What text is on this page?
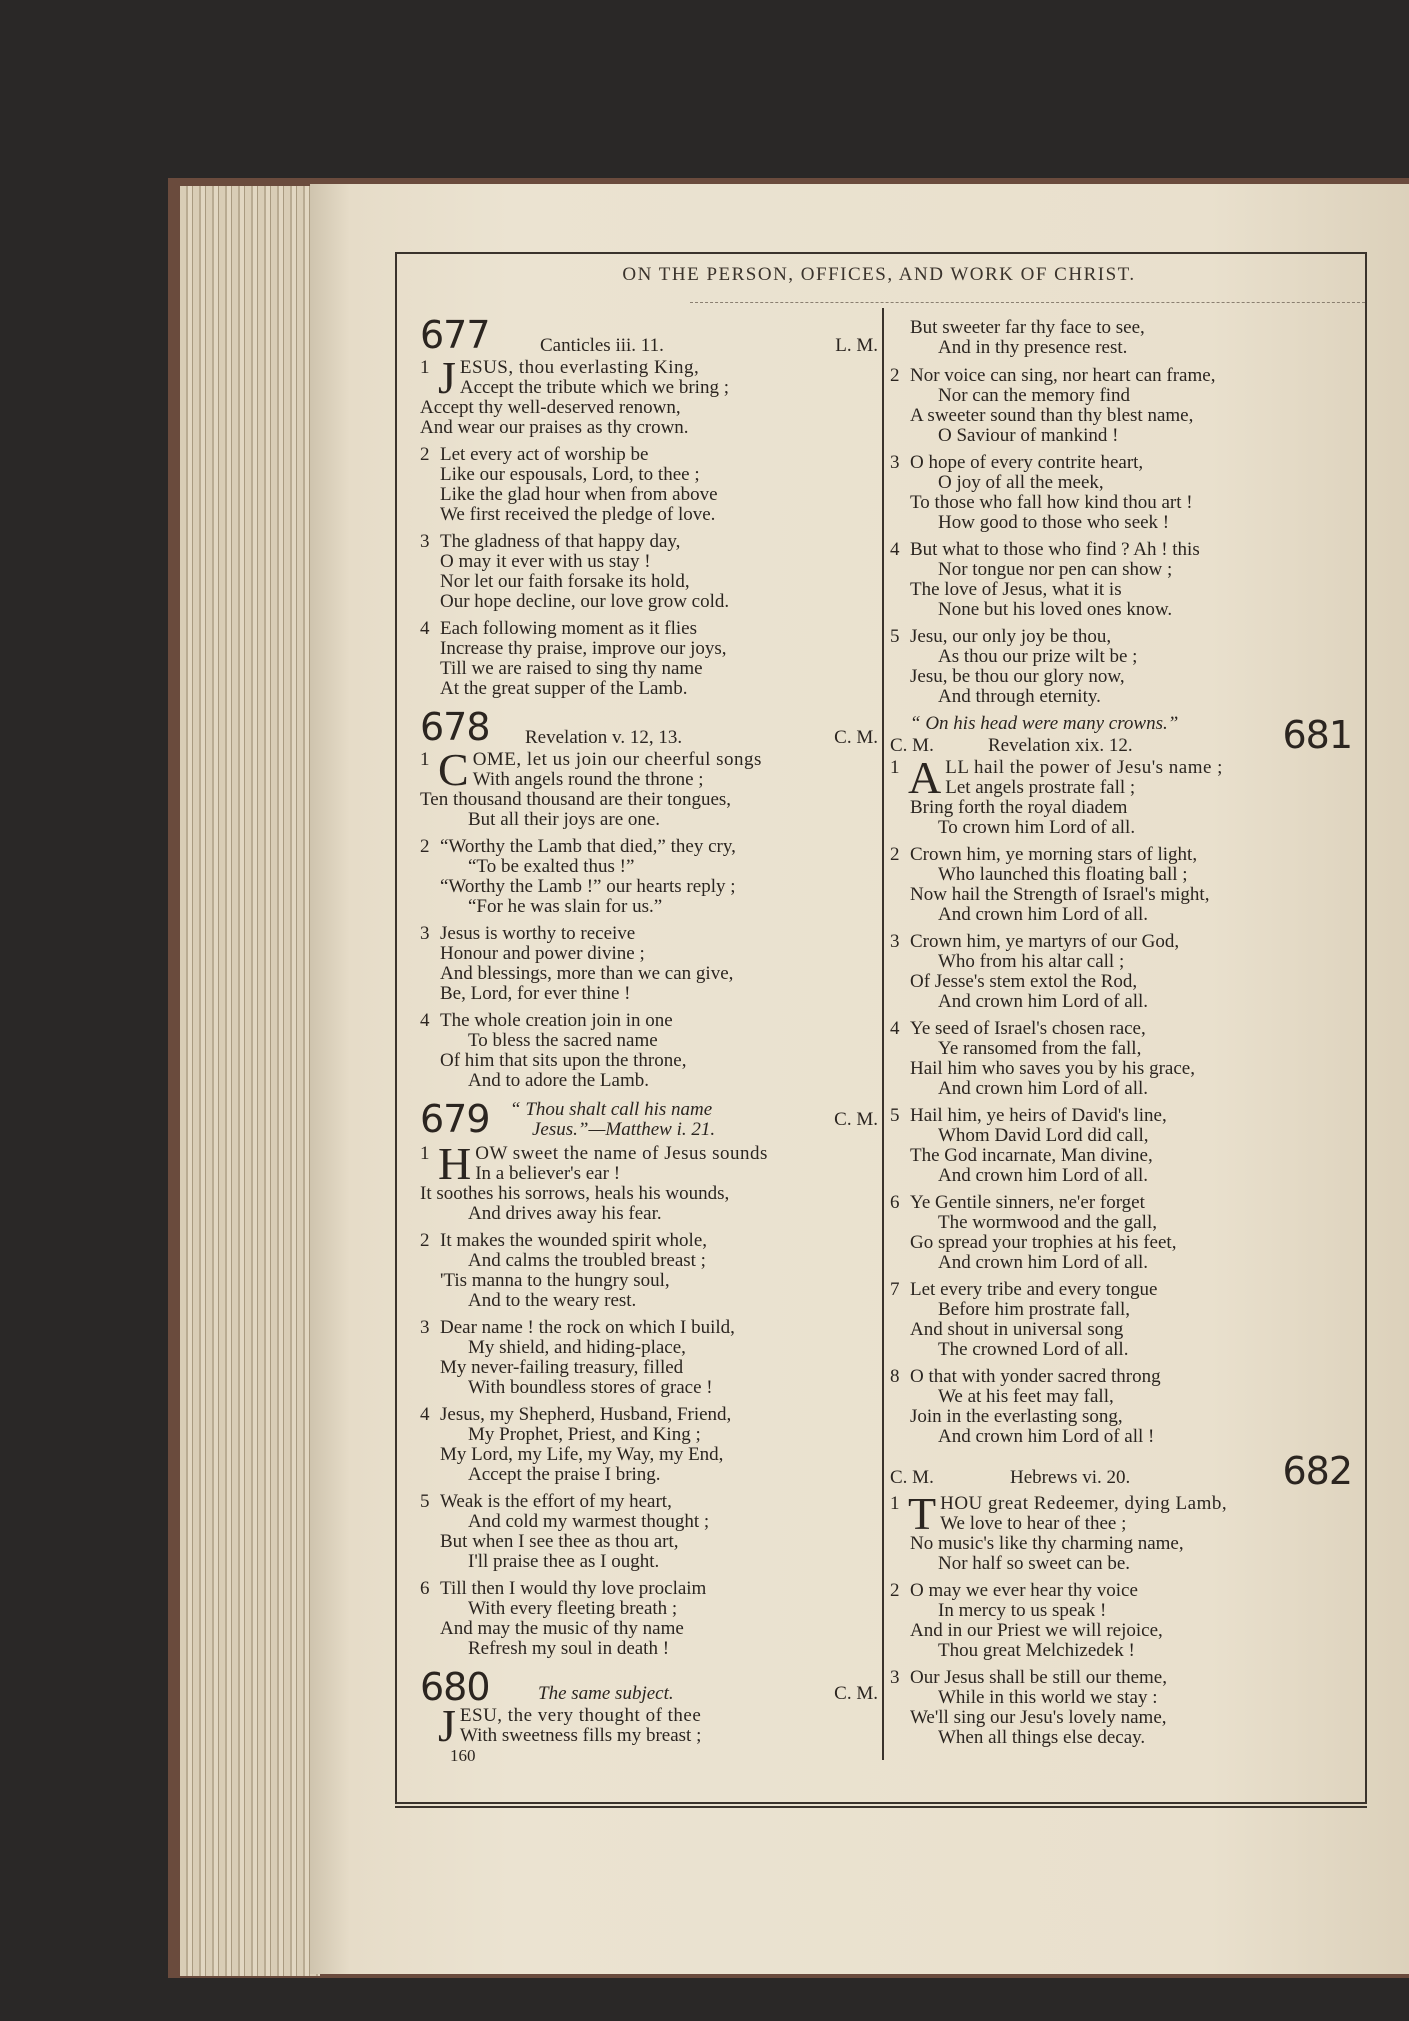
ON THE PERSON, OFFICES, AND WORK OF CHRIST.
677	Canticles iii. 11.	L. M.
1 J ESUS, thou everlasting King,
Accept the tribute which we bring ;
Accept thy well-deserved renown,
And wear our praises as thy crown.
2 Let every act of worship be
Like our espousals, Lord, to thee ;
Like the glad hour when from above
We first received the pledge of love.
3 The gladness of that happy day,
O may it ever with us stay !
Nor let our faith forsake its hold,
Our hope decline, our love grow cold.
4 Each following moment as it flies
Increase thy praise, improve our joys,
Till we are raised to sing thy name
At the great supper of the Lamb.
678 Revelation v. 12, 13.	C. M.
1 C OME, let us join our cheerful songs
With angels round the throne ;
Ten thousand thousand are their tongues,
But all their joys are one.
2 “Worthy the Lamb that died,” they cry,
“To be exalted thus !”
“Worthy the Lamb !” our hearts reply ;
“For he was slain for us.”
3 Jesus is worthy to receive
Honour and power divine ;
And blessings, more than we can give,
Be, Lord, for ever thine !
4 The whole creation join in one
To bless the sacred name
Of him that sits upon the throne,
And to adore the Lamb.
679 “ Thou shalt call his name
Jesus.”—Matthew i. 21.	C. M.
1 H OW sweet the name of Jesus sounds
In a believer's ear !
It soothes his sorrows, heals his wounds,
And drives away his fear.
2 It makes the wounded spirit whole,
And calms the troubled breast ;
'Tis manna to the hungry soul,
And to the weary rest.
3 Dear name ! the rock on which I build,
My shield, and hiding-place,
My never-failing treasury, filled
With boundless stores of grace !
4 Jesus, my Shepherd, Husband, Friend,
My Prophet, Priest, and King ;
My Lord, my Life, my Way, my End,
Accept the praise I bring.
5 Weak is the effort of my heart,
And cold my warmest thought ;
But when I see thee as thou art,
I'll praise thee as I ought.
6 Till then I would thy love proclaim
With every fleeting breath ;
And may the music of thy name
Refresh my soul in death !
680	The same subject.	C. M.
J ESU, the very thought of thee
With sweetness fills my breast ;
160
But sweeter far thy face to see,
And in thy presence rest.
2 Nor voice can sing, nor heart can frame,
Nor can the memory find
A sweeter sound than thy blest name,
O Saviour of mankind !
3 O hope of every contrite heart,
O joy of all the meek,
To those who fall how kind thou art !
How good to those who seek !
4 But what to those who find ? Ah ! this
Nor tongue nor pen can show ;
The love of Jesus, what it is
None but his loved ones know.
5 Jesu, our only joy be thou,
As thou our prize wilt be ;
Jesu, be thou our glory now,
And through eternity.
681
“ On his head were many crowns.”
C. M.	Revelation xix. 12.
1 A LL hail the power of Jesu's name ;
Let angels prostrate fall ;
Bring forth the royal diadem
To crown him Lord of all.
2 Crown him, ye morning stars of light,
Who launched this floating ball ;
Now hail the Strength of Israel's might,
And crown him Lord of all.
3 Crown him, ye martyrs of our God,
Who from his altar call ;
Of Jesse's stem extol the Rod,
And crown him Lord of all.
4 Ye seed of Israel's chosen race,
Ye ransomed from the fall,
Hail him who saves you by his grace,
And crown him Lord of all.
5 Hail him, ye heirs of David's line,
Whom David Lord did call,
The God incarnate, Man divine,
And crown him Lord of all.
6 Ye Gentile sinners, ne'er forget
The wormwood and the gall,
Go spread your trophies at his feet,
And crown him Lord of all.
7 Let every tribe and every tongue
Before him prostrate fall,
And shout in universal song
The crowned Lord of all.
8 O that with yonder sacred throng
We at his feet may fall,
Join in the everlasting song,
And crown him Lord of all !
682
C. M.	Hebrews vi. 20.
1 T HOU great Redeemer, dying Lamb,
We love to hear of thee ;
No music's like thy charming name,
Nor half so sweet can be.
2 O may we ever hear thy voice
In mercy to us speak !
And in our Priest we will rejoice,
Thou great Melchizedek !
3 Our Jesus shall be still our theme,
While in this world we stay :
We'll sing our Jesu's lovely name,
When all things else decay.
